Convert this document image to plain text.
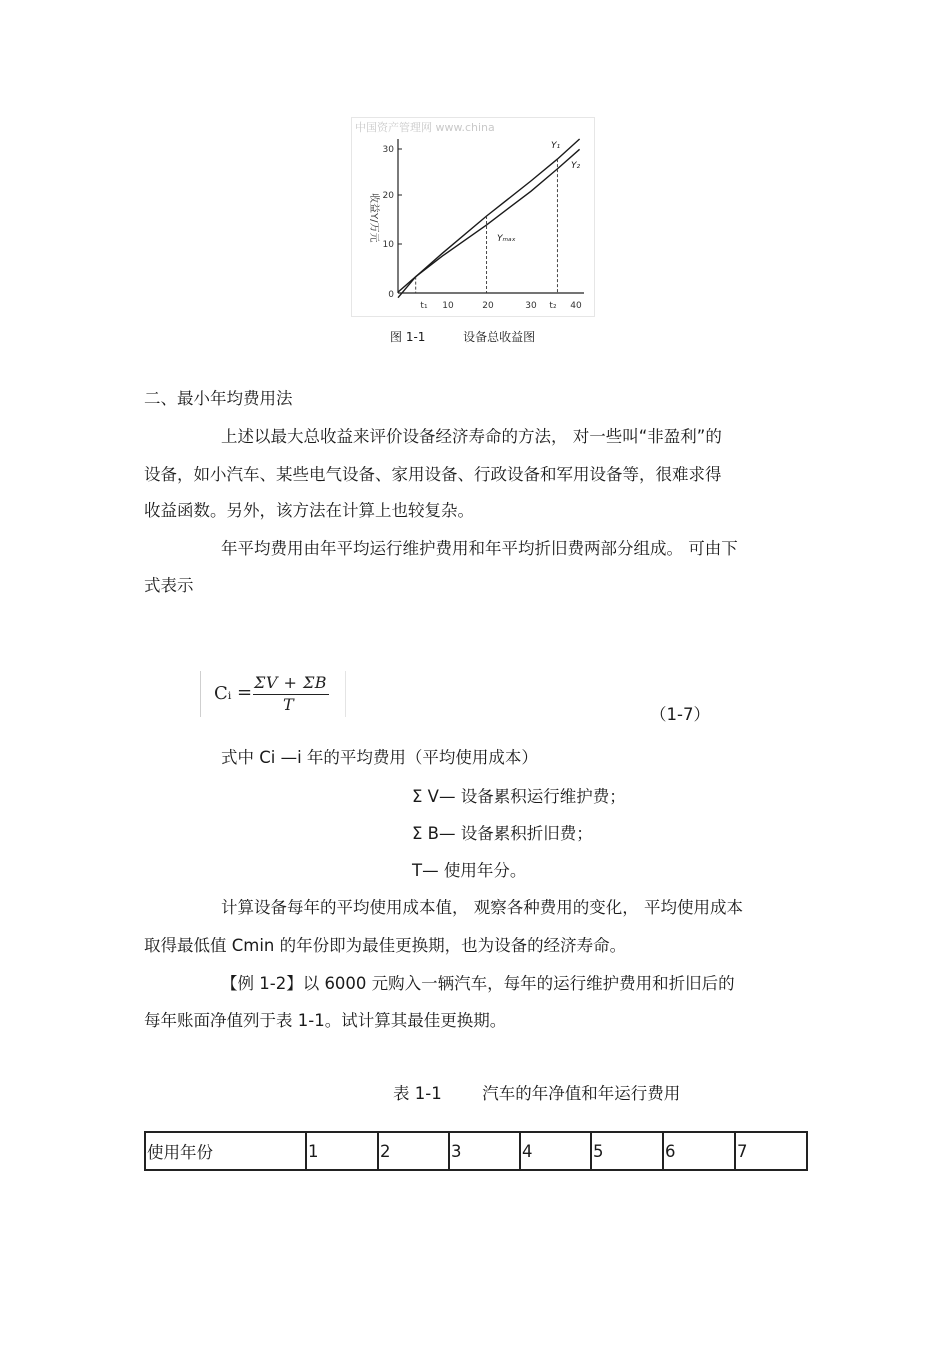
中国资产管理网 www.china
收益Y/万元
30
20
10
0
t₁ 10	20	30 t₂ 40
Y₁
Y₂
Yₘₐₓ
图 1-1	设备总收益图
二、最小年均费用法
上述以最大总收益来评价设备经济寿命的方法， 对一些叫“非盈利”的
设备，如小汽车、某些电气设备、家用设备、行政设备和军用设备等，很难求得
收益函数。另外，该方法在计算上也较复杂。
年平均费用由年平均运行维护费用和年平均折旧费两部分组成。 可由下
式表示
Cᵢ = ΣV + ΣB
T
（1-7）
式中 Ci —i 年的平均费用（平均使用成本）
Σ V— 设备累积运行维护费；
Σ B— 设备累积折旧费；
T— 使用年分。
计算设备每年的平均使用成本值， 观察各种费用的变化， 平均使用成本
取得最低值 Cmin 的年份即为最佳更换期，也为设备的经济寿命。
【例 1-2】以 6000 元购入一辆汽车，每年的运行维护费用和折旧后的
每年账面净值列于表 1-1。试计算其最佳更换期。
表 1-1 汽车的年净值和年运行费用
使用年份	1	2	3	4	5	6	7
